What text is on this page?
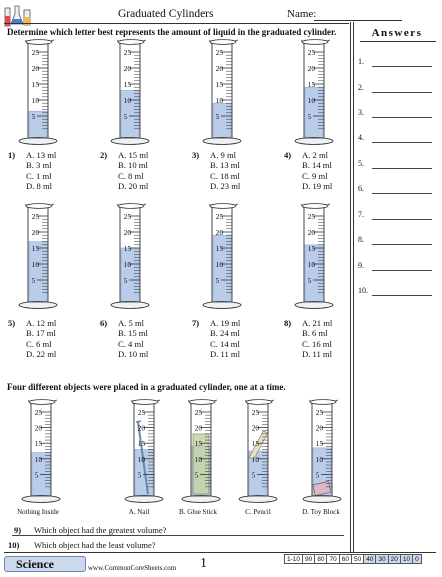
Graduated Cylinders	Name:
Answers
1.
2.
3.
4.
5.
6.
7.
8.
9.
10.
Determine which letter best represents the amount of liquid in the graduated cylinder.
25
20
15
10
5
25
20
15
10
5
25
20
15
10
5
25
20
15
10
5
25
20
15
10
5
25
20
15
10
5
25
20
15
10
5
25
20
15
10
5
1) A. 13 ml
B. 3 ml
C. 1 ml
D. 8 ml
2) A. 15 ml
B. 10 ml
C. 8 ml
D. 20 ml
3) A. 9 ml
B. 13 ml
C. 18 ml
D. 23 ml
4) A. 2 ml
B. 14 ml
C. 9 ml
D. 19 ml
5) A. 12 ml
B. 17 ml
C. 6 ml
D. 22 ml
6) A. 5 ml
B. 15 ml
C. 4 ml
D. 10 ml
7) A. 19 ml
B. 24 ml
C. 14 ml
D. 11 ml
8) A. 21 ml
B. 6 ml
C. 16 ml
D. 11 ml
Four different objects were placed in a graduated cylinder, one at a time.
25
20
15
10
5
Nothing Inside
25
20
15
10
5
A. Nail
25
20
15
10
5
B. Glue Stick
25
20
15
10
5
C. Pencil
25
20
15
10
5
D. Toy Block
9) Which object had the greatest volume?
10) Which object had the least volume?
Science	www.CommonCoreSheets.com 1	1-10	90	80	70	60	50	40	30	20	10	0
